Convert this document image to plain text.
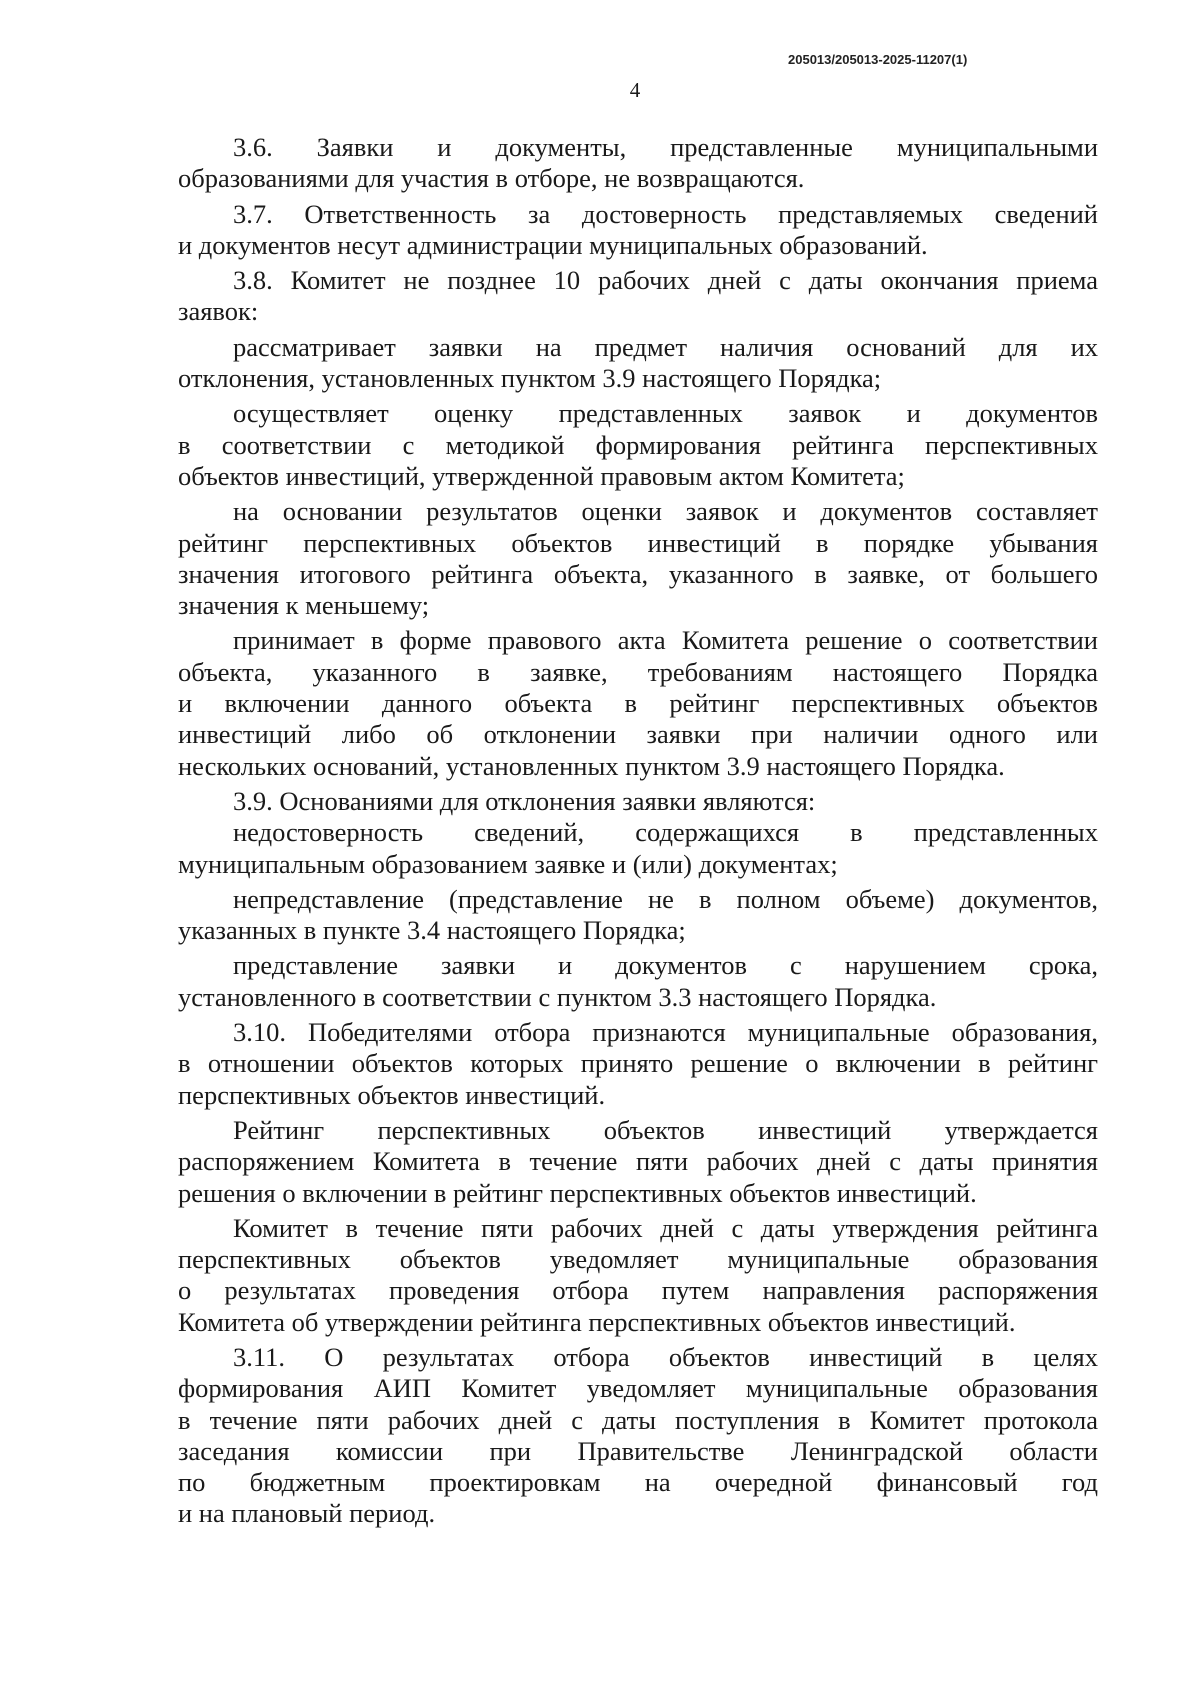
205013/205013-2025-11207(1)
4
3.6. Заявки и документы, представленные муниципальными
образованиями для участия в отборе, не возвращаются.
3.7. Ответственность за достоверность представляемых сведений
и документов несут администрации муниципальных образований.
3.8. Комитет не позднее 10 рабочих дней с даты окончания приема
заявок:
рассматривает заявки на предмет наличия оснований для их
отклонения, установленных пунктом 3.9 настоящего Порядка;
осуществляет оценку представленных заявок и документов
в соответствии с методикой формирования рейтинга перспективных
объектов инвестиций, утвержденной правовым актом Комитета;
на основании результатов оценки заявок и документов составляет
рейтинг перспективных объектов инвестиций в порядке убывания
значения итогового рейтинга объекта, указанного в заявке, от большего
значения к меньшему;
принимает в форме правового акта Комитета решение о соответствии
объекта, указанного в заявке, требованиям настоящего Порядка
и включении данного объекта в рейтинг перспективных объектов
инвестиций либо об отклонении заявки при наличии одного или
нескольких оснований, установленных пунктом 3.9 настоящего Порядка.
3.9. Основаниями для отклонения заявки являются:
недостоверность сведений, содержащихся в представленных
муниципальным образованием заявке и (или) документах;
непредставление (представление не в полном объеме) документов,
указанных в пункте 3.4 настоящего Порядка;
представление заявки и документов с нарушением срока,
установленного в соответствии с пунктом 3.3 настоящего Порядка.
3.10. Победителями отбора признаются муниципальные образования,
в отношении объектов которых принято решение о включении в рейтинг
перспективных объектов инвестиций.
Рейтинг перспективных объектов инвестиций утверждается
распоряжением Комитета в течение пяти рабочих дней с даты принятия
решения о включении в рейтинг перспективных объектов инвестиций.
Комитет в течение пяти рабочих дней с даты утверждения рейтинга
перспективных объектов уведомляет муниципальные образования
о результатах проведения отбора путем направления распоряжения
Комитета об утверждении рейтинга перспективных объектов инвестиций.
3.11. О результатах отбора объектов инвестиций в целях
формирования АИП Комитет уведомляет муниципальные образования
в течение пяти рабочих дней с даты поступления в Комитет протокола
заседания комиссии при Правительстве Ленинградской области
по бюджетным проектировкам на очередной финансовый год
и на плановый период.
